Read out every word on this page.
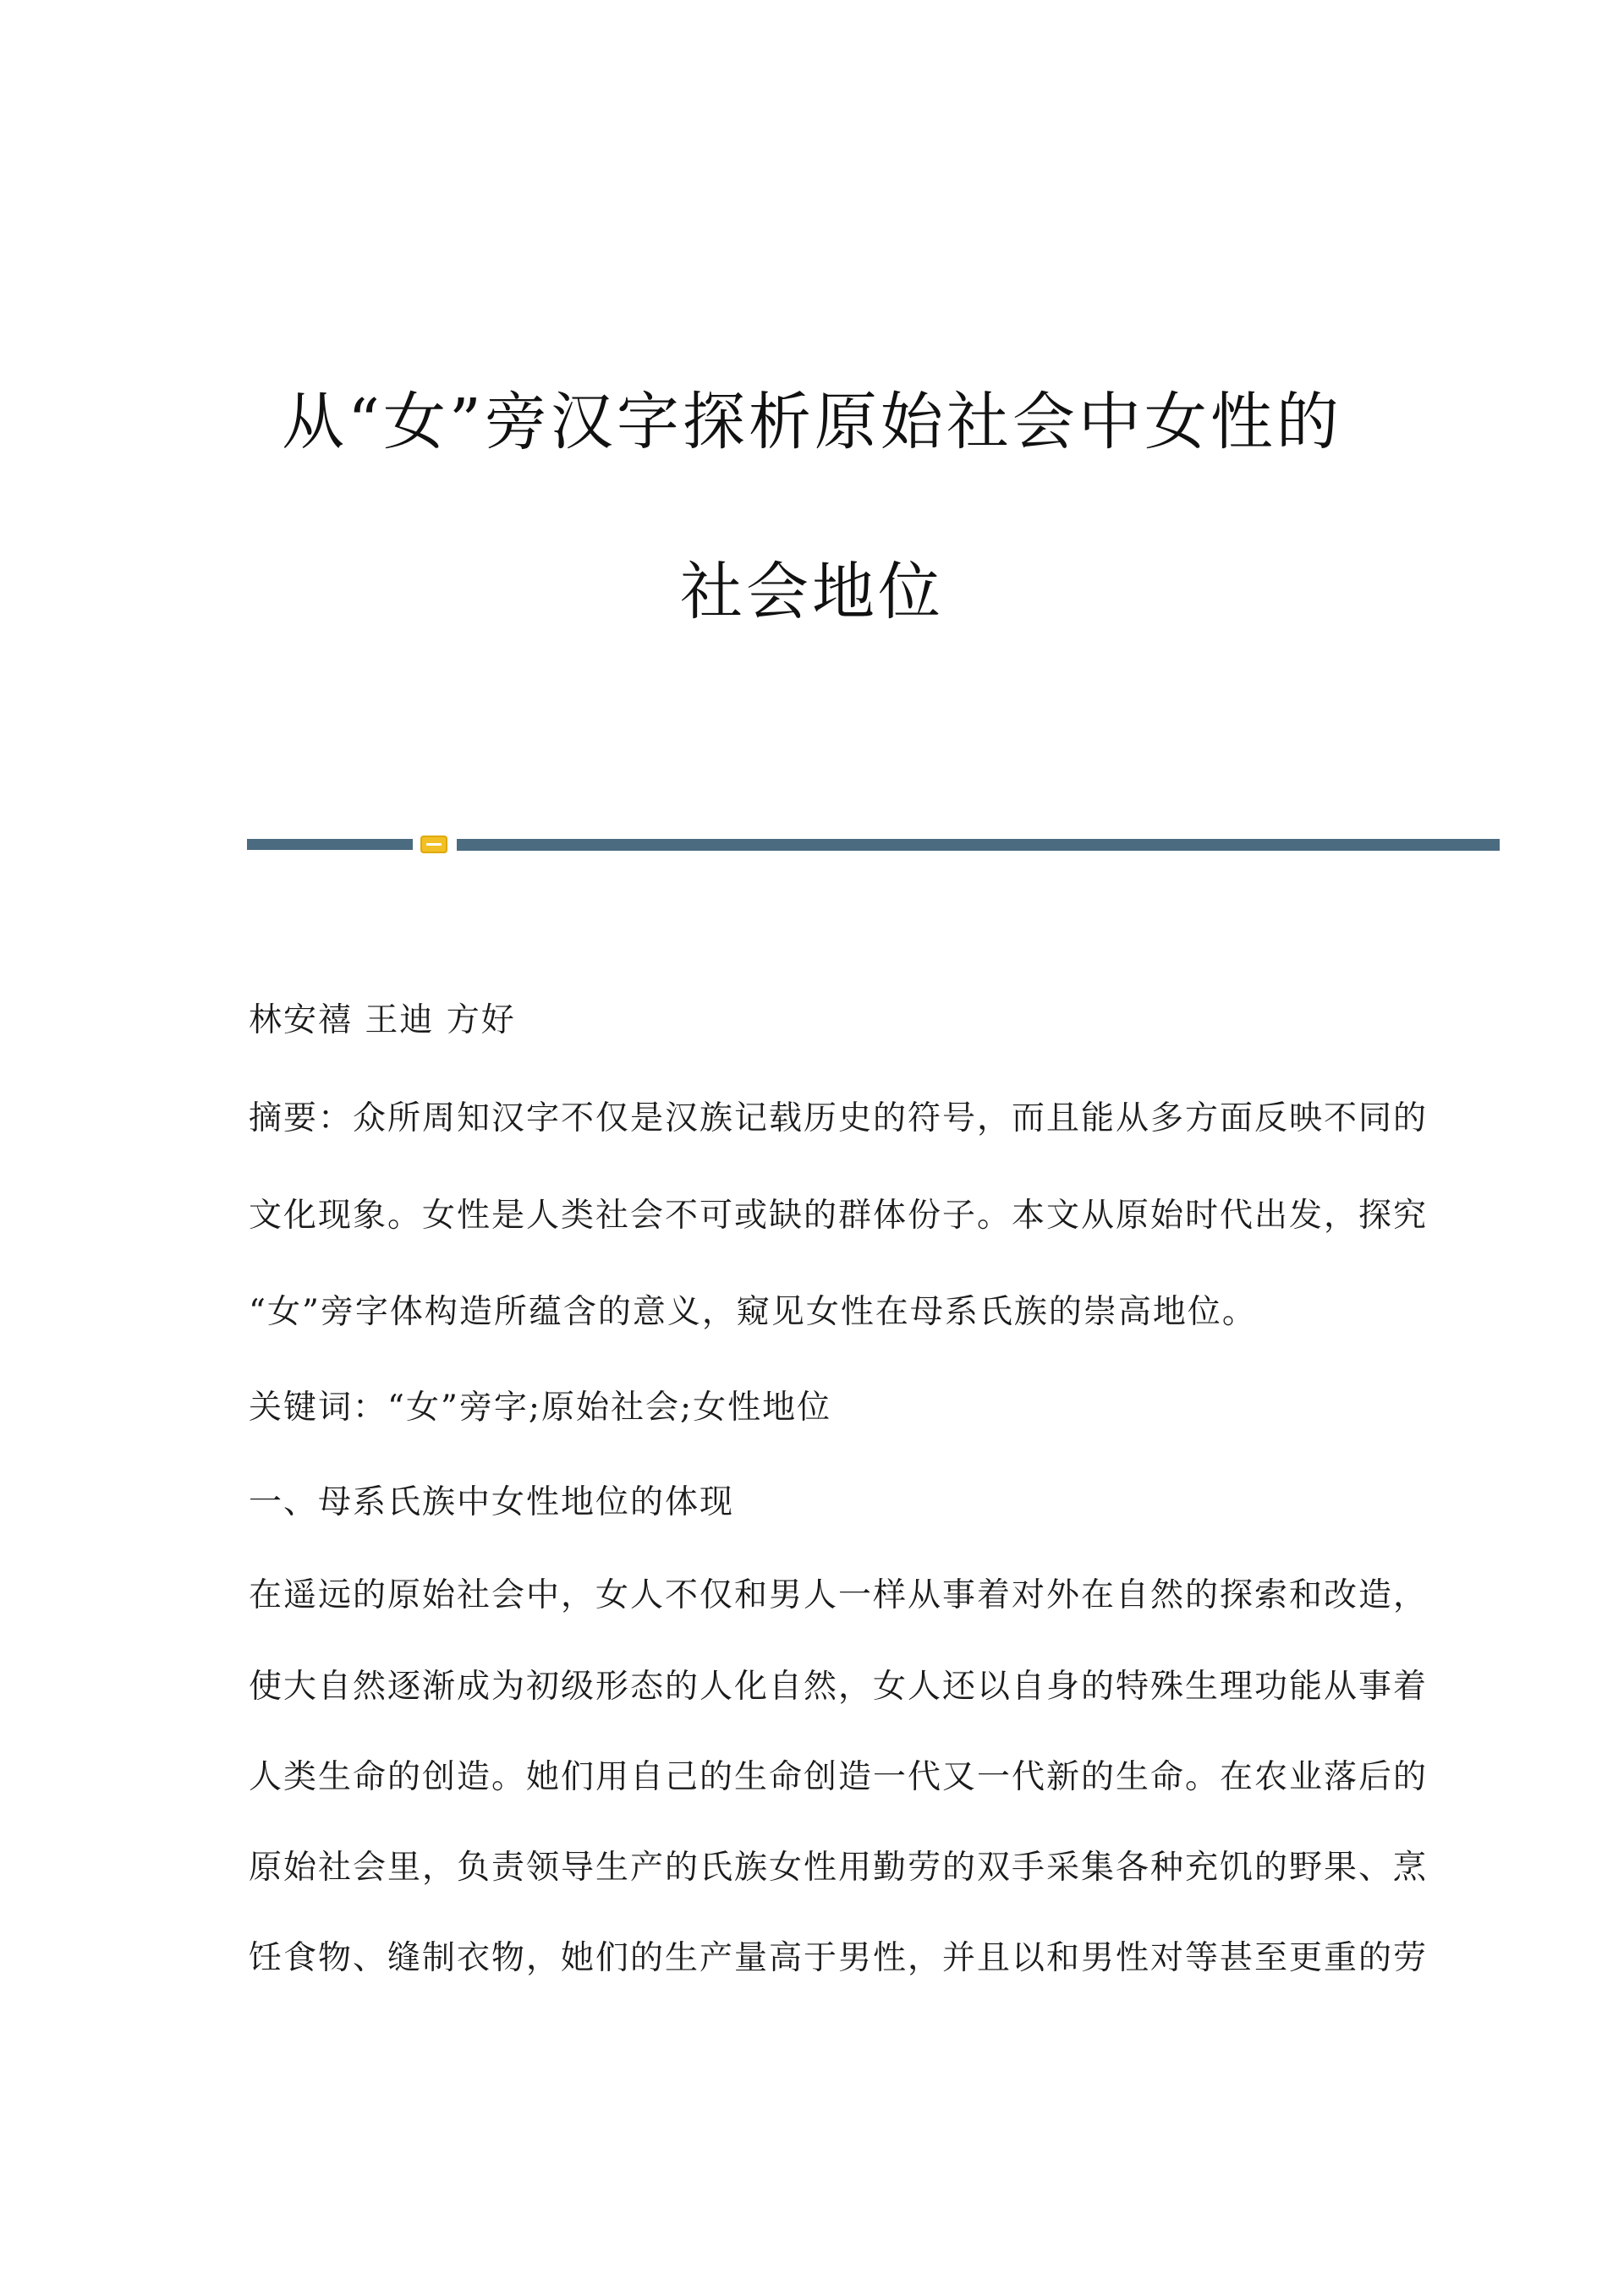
从“女”旁汉字探析原始社会中女性的
社会地位
林安禧 王迪 方好
摘要：众所周知汉字不仅是汉族记载历史的符号，而且能从多方面反映不同的
文化现象。女性是人类社会不可或缺的群体份子。本文从原始时代出发，探究
“女”旁字体构造所蕴含的意义，窥见女性在母系氏族的崇高地位。
关键词：“女”旁字;原始社会;女性地位
一、母系氏族中女性地位的体现
在遥远的原始社会中，女人不仅和男人一样从事着对外在自然的探索和改造，
使大自然逐渐成为初级形态的人化自然，女人还以自身的特殊生理功能从事着
人类生命的创造。她们用自己的生命创造一代又一代新的生命。在农业落后的
原始社会里，负责领导生产的氏族女性用勤劳的双手采集各种充饥的野果、烹
饪食物、缝制衣物，她们的生产量高于男性，并且以和男性对等甚至更重的劳
